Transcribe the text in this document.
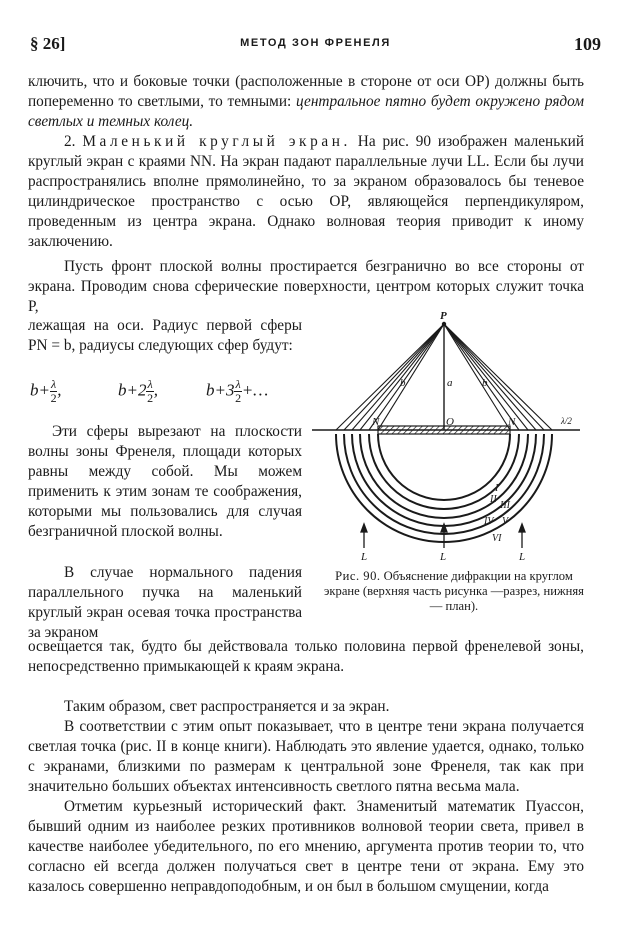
§ 26]	МЕТОД ЗОН ФРЕНЕЛЯ	109
ключить, что и боковые точки (расположенные в стороне от оси OP) должны быть попеременно то светлыми, то темными: центральное пятно будет окружено рядом светлых и темных колец.
2. Маленький круглый экран. На рис. 90 изображен маленький круглый экран с краями NN. На экран падают параллельные лучи LL. Если бы лучи распространялись вполне прямолинейно, то за экраном образовалось бы теневое цилиндрическое пространство с осью OP, являющейся перпендикуляром, проведенным из центра экрана. Однако волновая теория приводит к иному заключению.
Пусть фронт плоской волны простирается безгранично во все стороны от экрана. Проводим снова сферические поверхности, центром которых служит точка P,
лежащая на оси. Радиус первой сферы PN = b, радиусы следующих сфер будут:
$b+ \frac{\lambda}{2}$ ,	$b+2 \frac{\lambda}{2}$ ,	$b+3 \frac{\lambda}{2}$ +…
Эти сферы вырезают на плоскости волны зоны Френеля, площади которых равны между собой. Мы можем применить к этим зонам те соображения, которыми мы пользовались для случая безграничной плоской волны.
В случае нормального падения параллельного пучка на маленький круглый экран осевая точка пространства за экраном
освещается так, будто бы действовала только половина первой френелевой зоны, непосредственно примыкающей к краям экрана.
Таким образом, свет распространяется и за экран.
В соответствии с этим опыт показывает, что в центре тени экрана получается светлая точка (рис. II в конце книги). Наблюдать это явление удается, однако, только с экранами, близкими по размерам к центральной зоне Френеля, так как при значительно больших объектах интенсивность светлого пятна весьма мала.
Отметим курьезный исторический факт. Знаменитый математик Пуассон, бывший одним из наиболее резких противников волновой теории света, привел в качестве наиболее убедительного, по его мнению, аргумента против теории то, что согласно ей всегда должен получаться свет в центре тени от экрана. Ему это казалось совершенно неправдоподобным, и он был в большом смущении, когда
P
a
b	b
N	N
O	λ/2
I
II
III
IV V
VI
L	L	L
Рис. 90. Объяснение дифракции на круглом экране (верхняя часть рисунка —разрез, нижняя — план).
